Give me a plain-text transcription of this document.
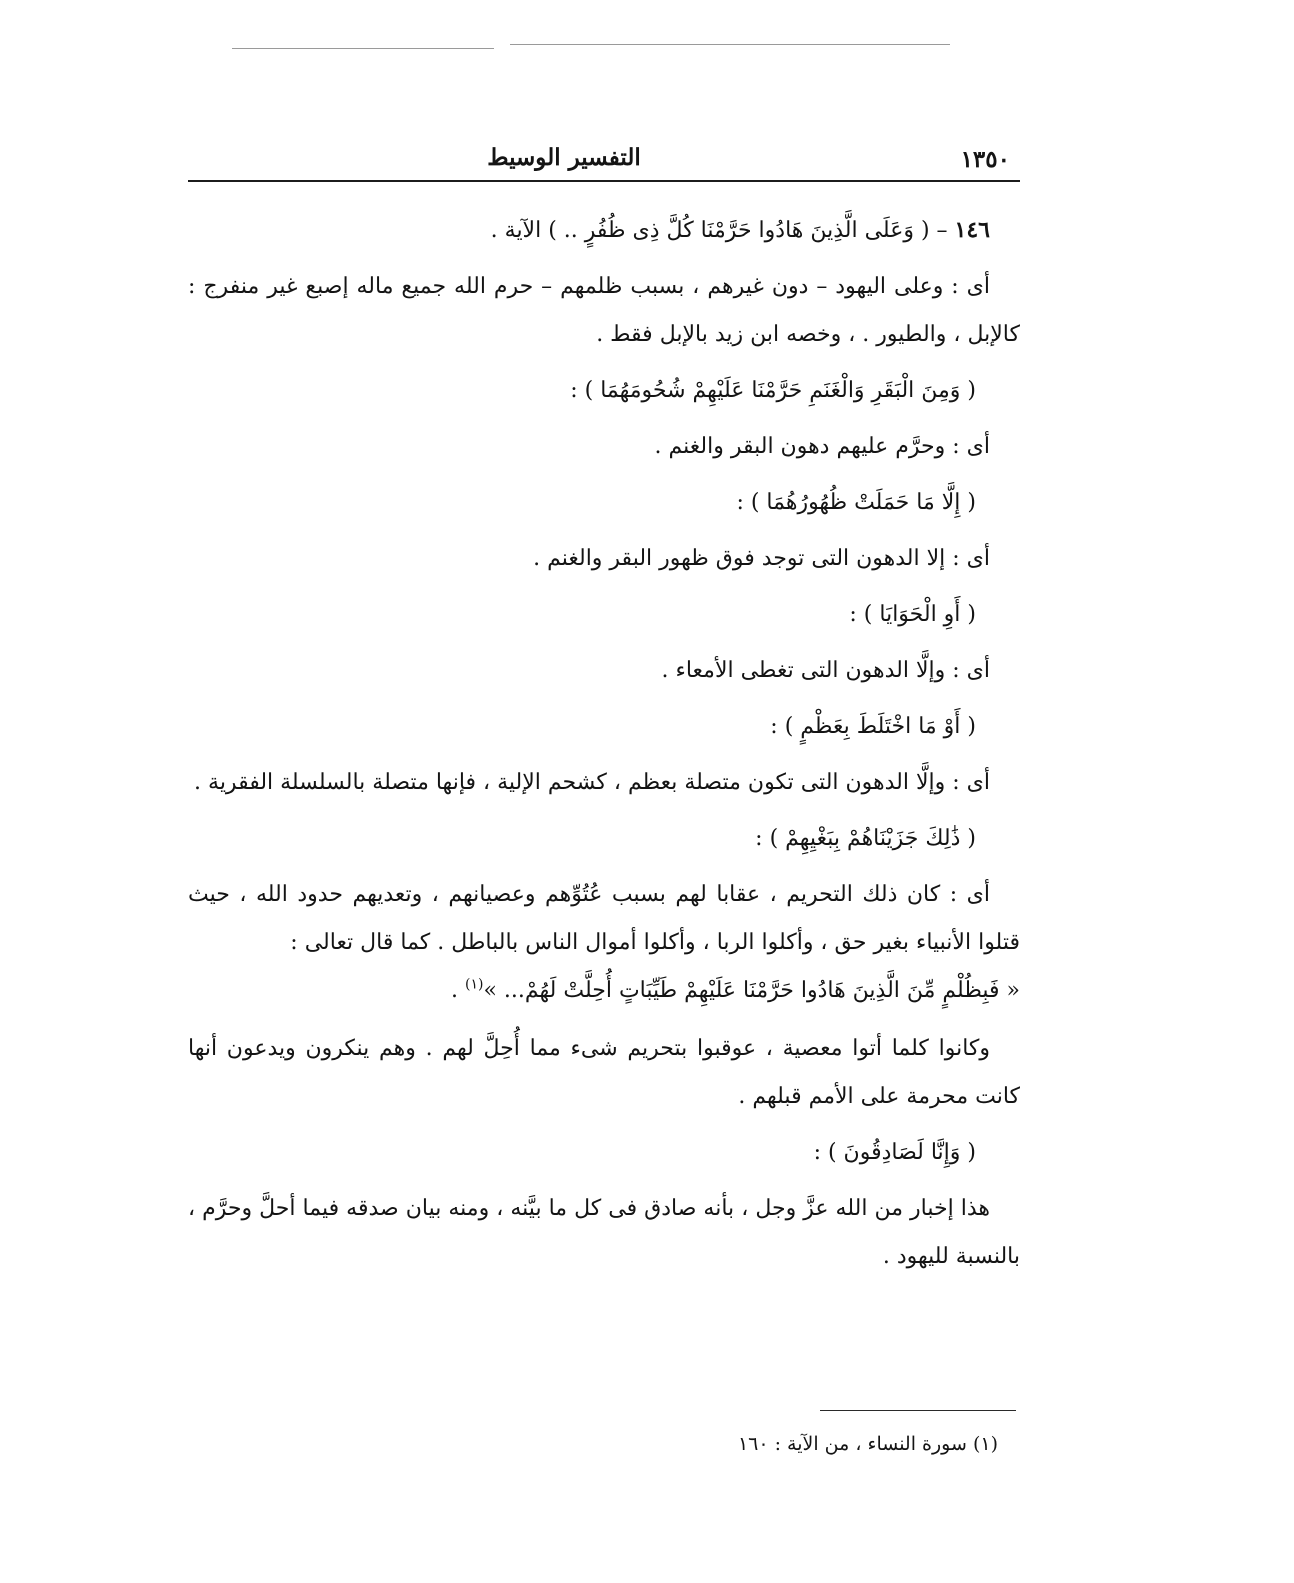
١٣٥٠
التفسير الوسيط

١٤٦ – ( وَعَلَى الَّذِينَ هَادُوا حَرَّمْنَا كُلَّ ذِى ظُفُرٍ .. ) الآية .

أى : وعلى اليهود – دون غيرهم ، بسبب ظلمهم – حرم الله جميع ماله إصبع غير منفرج : كالإبل ، والطيور . ، وخصه ابن زيد بالإبل فقط .

( وَمِنَ الْبَقَرِ وَالْغَنَمِ حَرَّمْنَا عَلَيْهِمْ شُحُومَهُمَا ) :

أى : وحرَّم عليهم دهون البقر والغنم .

( إِلَّا مَا حَمَلَتْ ظُهُورُهُمَا ) :

أى : إلا الدهون التى توجد فوق ظهور البقر والغنم .

( أَوِ الْحَوَايَا ) :

أى : وإلَّا الدهون التى تغطى الأمعاء .

( أَوْ مَا اخْتَلَطَ بِعَظْمٍ ) :

أى : وإلَّا الدهون التى تكون متصلة بعظم ، كشحم الإلية ، فإنها متصلة بالسلسلة الفقرية .

( ذَٰلِكَ جَزَيْنَاهُمْ بِبَغْيِهِمْ ) :

أى : كان ذلك التحريم ، عقابا لهم بسبب عُتُوِّهم وعصيانهم ، وتعديهم حدود الله ، حيث قتلوا الأنبياء بغير حق ، وأكلوا الربا ، وأكلوا أموال الناس بالباطل . كما قال تعالى :

« فَبِظُلْمٍ مِّنَ الَّذِينَ هَادُوا حَرَّمْنَا عَلَيْهِمْ طَيِّبَاتٍ أُحِلَّتْ لَهُمْ... »$^{(١)}$ .

وكانوا كلما أتوا معصية ، عوقبوا بتحريم شىء مما أُحِلَّ لهم . وهم ينكرون ويدعون أنها كانت محرمة على الأمم قبلهم .

( وَإِنَّا لَصَادِقُونَ ) :

هذا إخبار من الله عزَّ وجل ، بأنه صادق فى كل ما بيَّنه ، ومنه بيان صدقه فيما أحلَّ وحرَّم ، بالنسبة لليهود .

(١) سورة النساء ، من الآية : ١٦٠
